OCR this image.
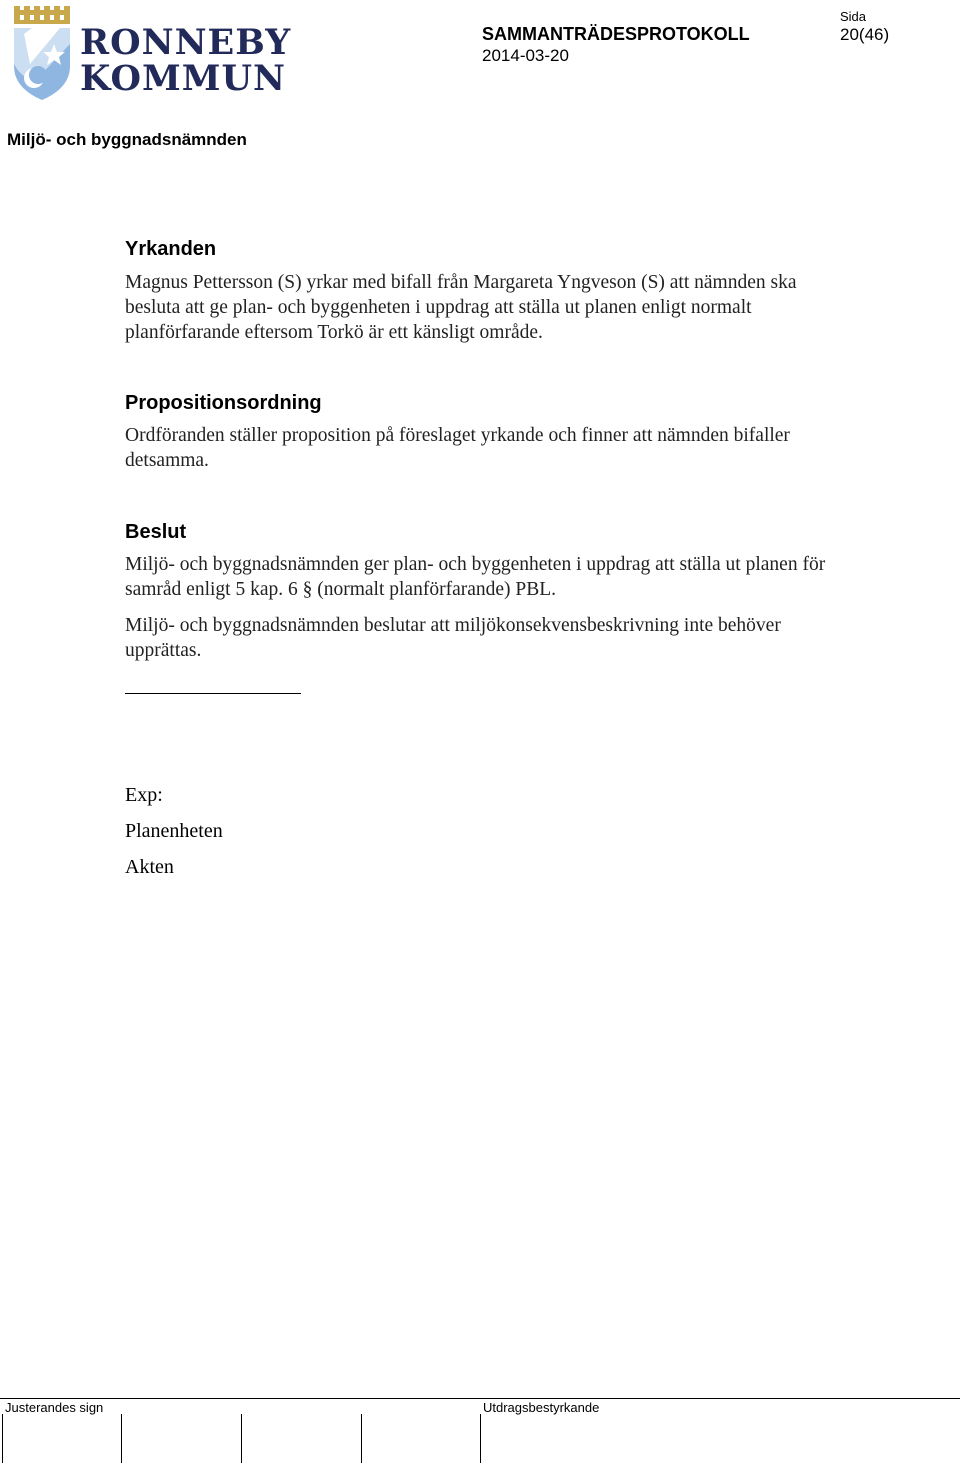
RONNEBY
KOMMUN
SAMMANTRÄDESPROTOKOLL
2014-03-20
Sida
20(46)
Miljö- och byggnadsnämnden
Yrkanden
Magnus Pettersson (S) yrkar med bifall från Margareta Yngveson (S) att nämnden ska besluta att ge plan- och byggenheten i uppdrag att ställa ut planen enligt normalt planförfarande eftersom Torkö är ett känsligt område.
Propositionsordning
Ordföranden ställer proposition på föreslaget yrkande och finner att nämnden bifaller detsamma.
Beslut
Miljö- och byggnadsnämnden ger plan- och byggenheten i uppdrag att ställa ut planen för samråd enligt 5 kap. 6 § (normalt planförfarande) PBL.
Miljö- och byggnadsnämnden beslutar att miljökonsekvensbeskrivning inte behöver upprättas.
Exp:
Planenheten
Akten
Justerandes sign	Utdragsbestyrkande
